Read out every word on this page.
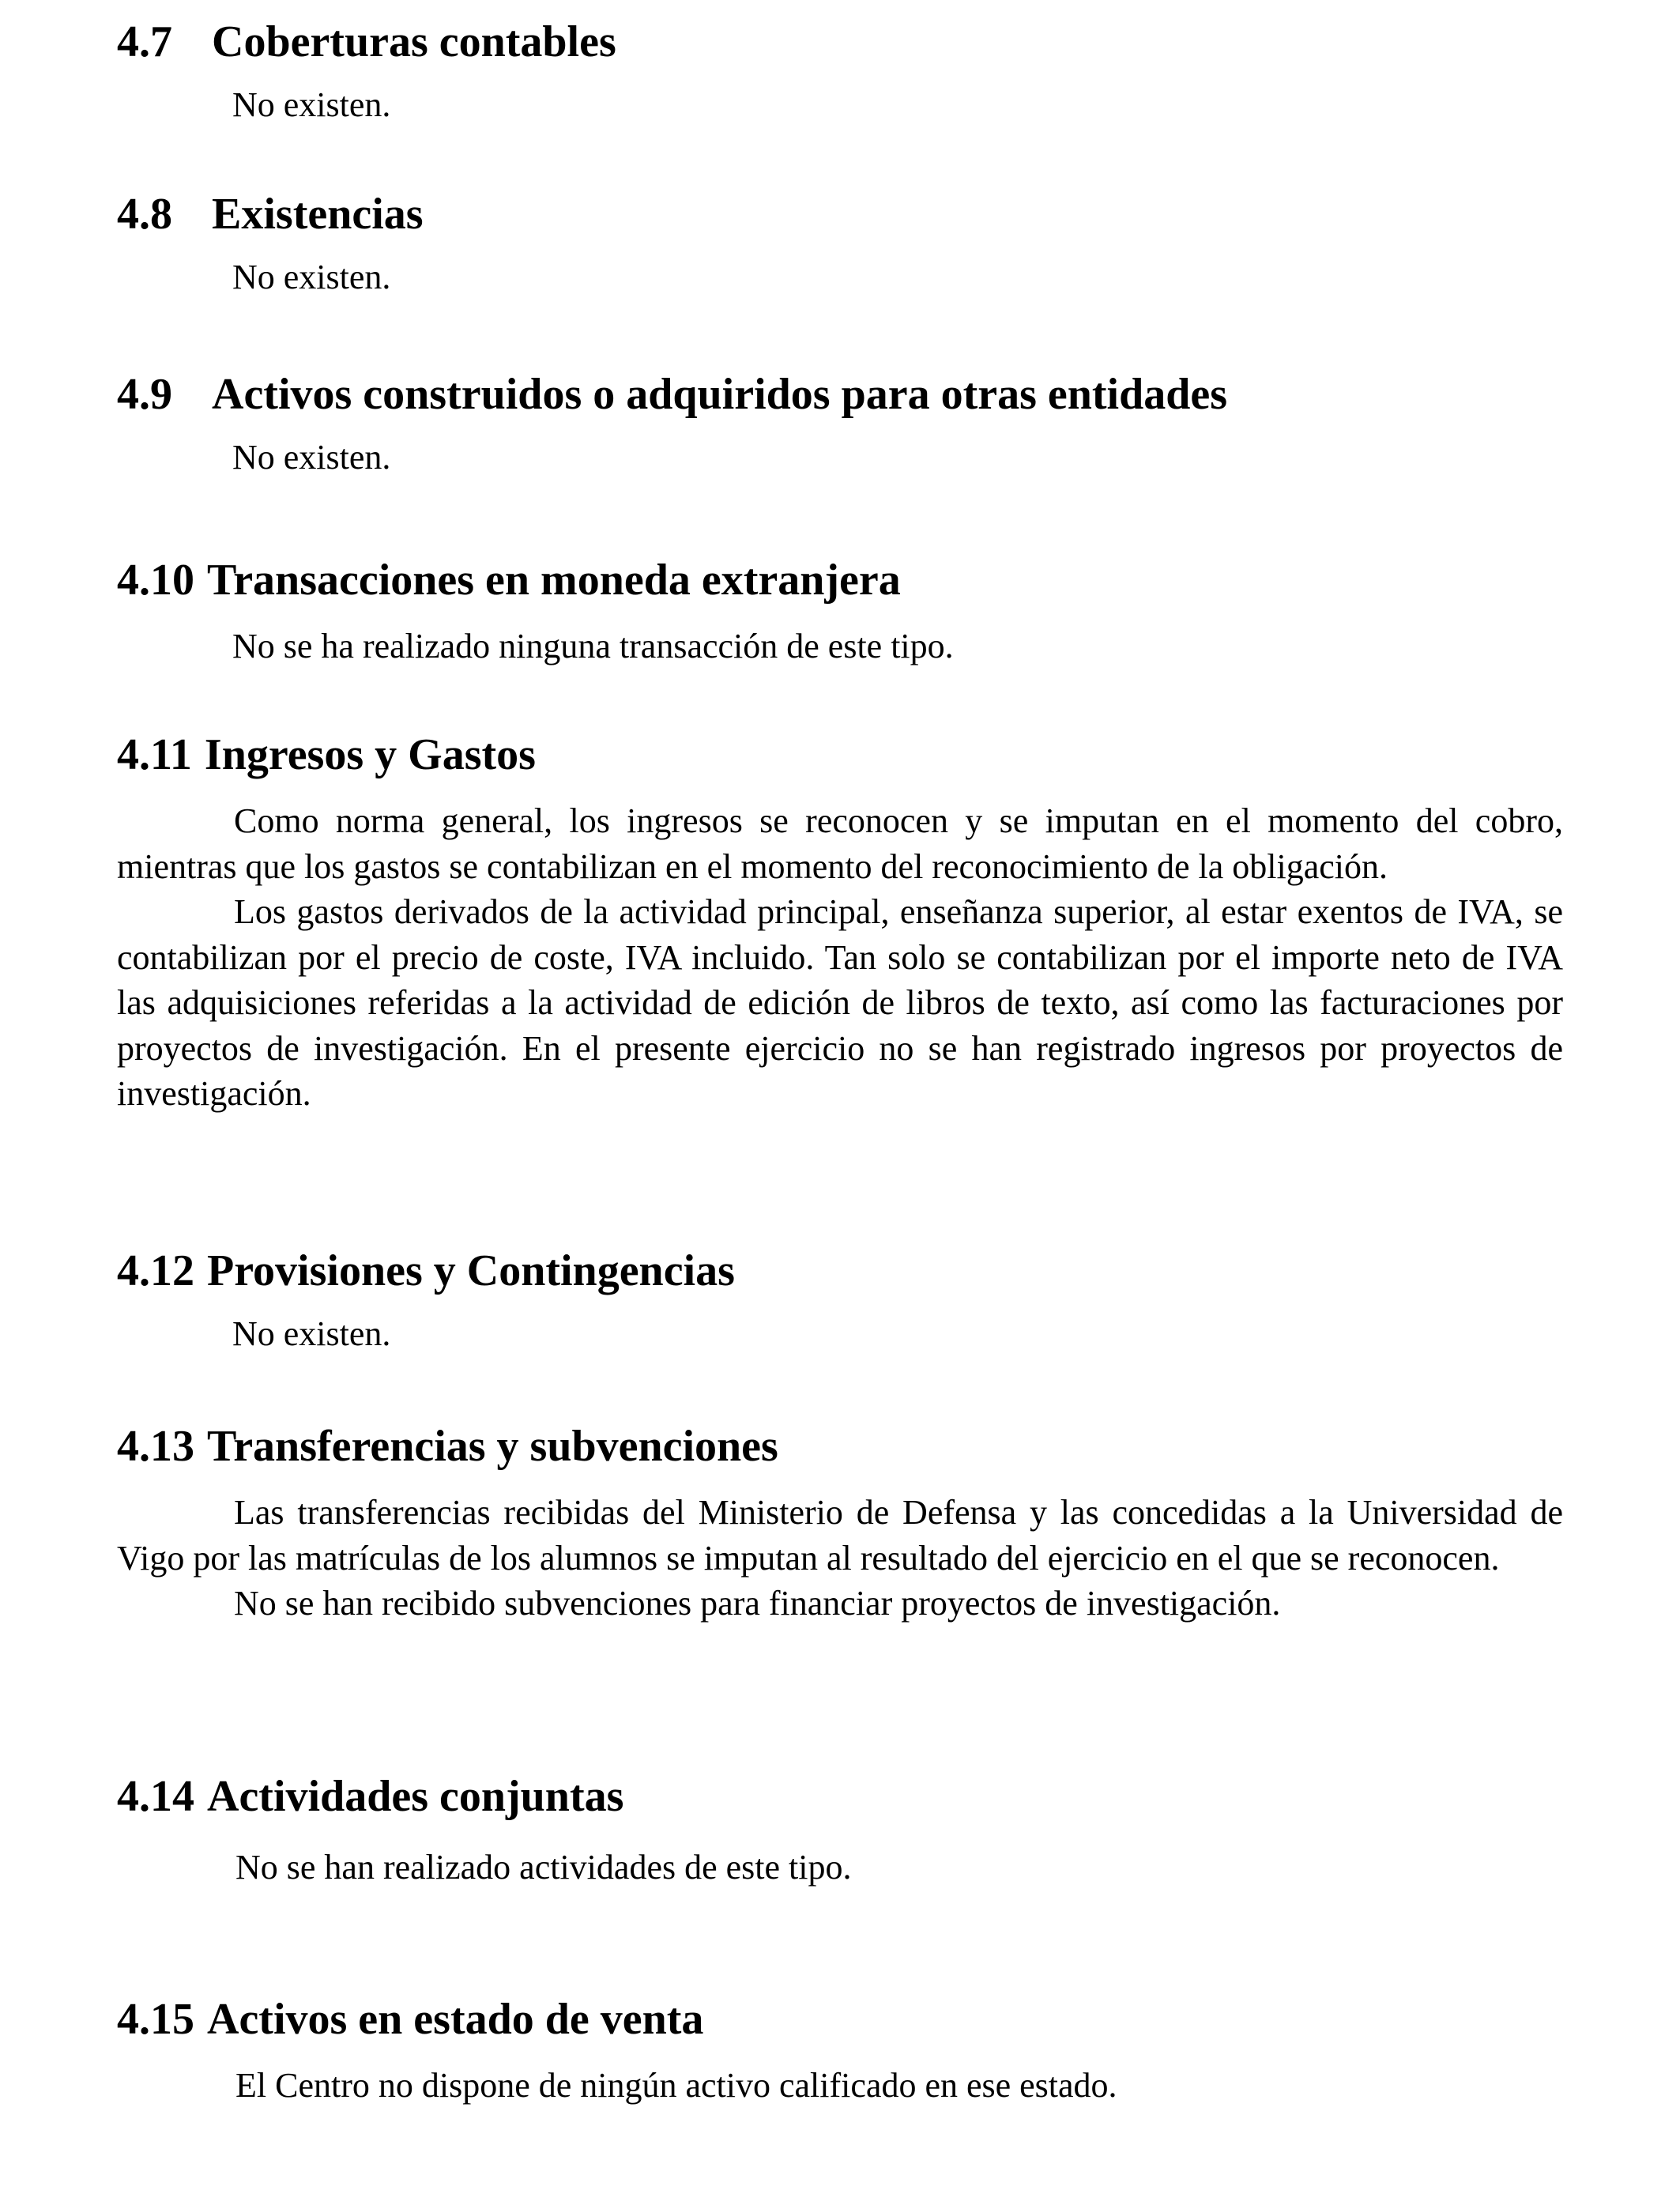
4.7 Coberturas contables

No existen.

4.8 Existencias

No existen.

4.9 Activos construidos o adquiridos para otras entidades

No existen.

4.10 Transacciones en moneda extranjera

No se ha realizado ninguna transacción de este tipo.

4.11 Ingresos y Gastos

Como norma general, los ingresos se reconocen y se imputan en el momento del cobro, mientras que los gastos se contabilizan en el momento del reconocimiento de la obligación.

Los gastos derivados de la actividad principal, enseñanza superior, al estar exentos de IVA, se contabilizan por el precio de coste, IVA incluido. Tan solo se contabilizan por el importe neto de IVA las adquisiciones referidas a la actividad de edición de libros de texto, así como las facturaciones por proyectos de investigación. En el presente ejercicio no se han registrado ingresos por proyectos de investigación.

4.12 Provisiones y Contingencias

No existen.

4.13 Transferencias y subvenciones

Las transferencias recibidas del Ministerio de Defensa y las concedidas a la Universidad de Vigo por las matrículas de los alumnos se imputan al resultado del ejercicio en el que se reconocen.

No se han recibido subvenciones para financiar proyectos de investigación.

4.14 Actividades conjuntas

No se han realizado actividades de este tipo.

4.15 Activos en estado de venta

El Centro no dispone de ningún activo calificado en ese estado.
